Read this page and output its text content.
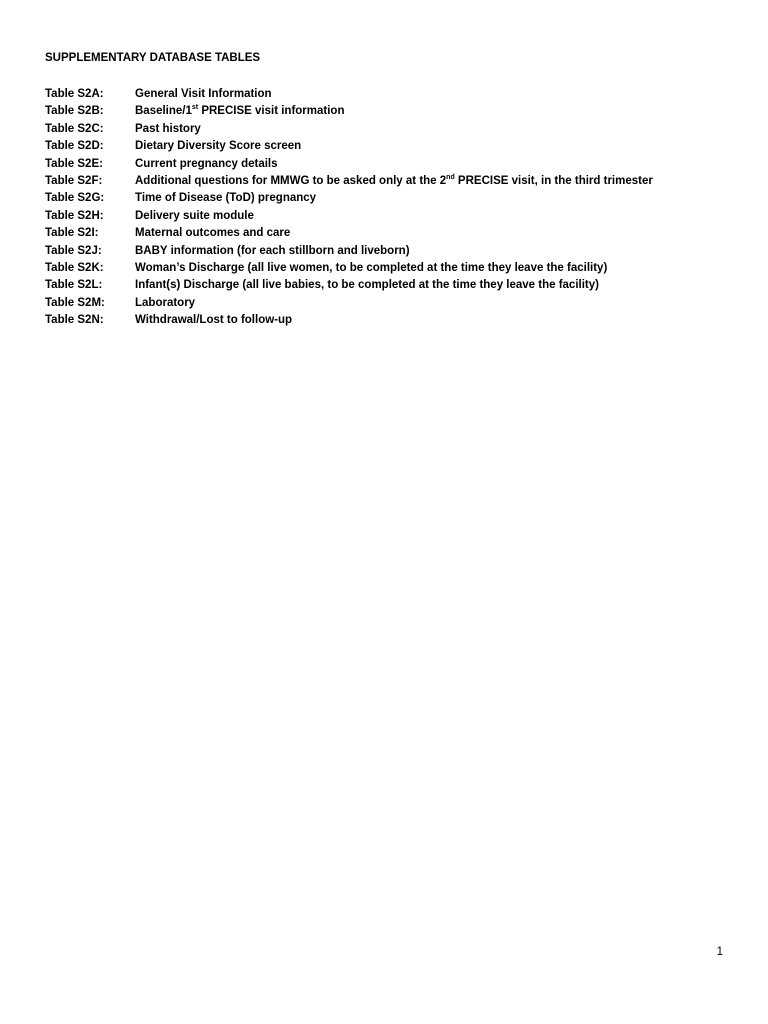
SUPPLEMENTARY DATABASE TABLES
Table S2A:	General Visit Information
Table S2B:	Baseline/1st PRECISE visit information
Table S2C:	Past history
Table S2D:	Dietary Diversity Score screen
Table S2E:	Current pregnancy details
Table S2F:	Additional questions for MMWG to be asked only at the 2nd PRECISE visit, in the third trimester
Table S2G:	Time of Disease (ToD) pregnancy
Table S2H:	Delivery suite module
Table S2I:	Maternal outcomes and care
Table S2J:	BABY information (for each stillborn and liveborn)
Table S2K:	Woman’s Discharge (all live women, to be completed at the time they leave the facility)
Table S2L:	Infant(s) Discharge (all live babies, to be completed at the time they leave the facility)
Table S2M:	Laboratory
Table S2N:	Withdrawal/Lost to follow-up
1
